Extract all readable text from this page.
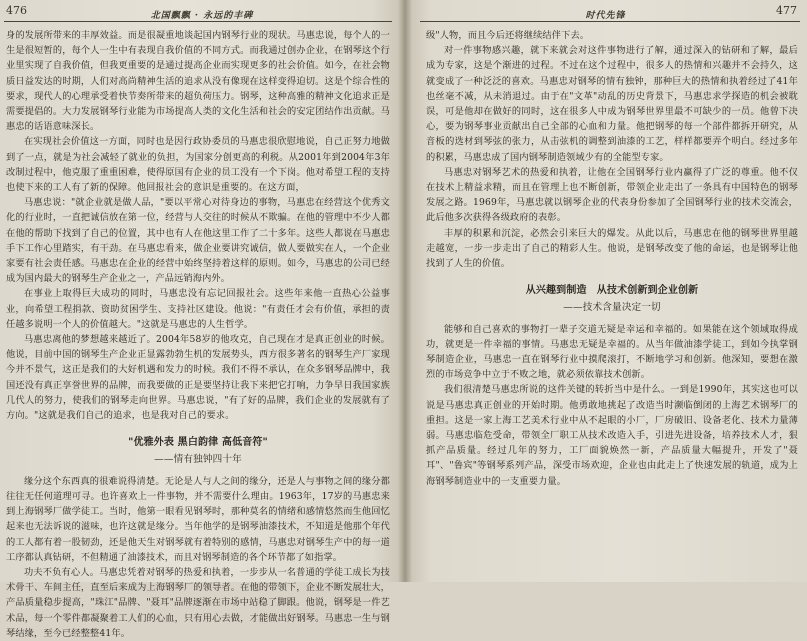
476	北国飘飘 · 永远的丰碑

身的发展所带来的丰厚效益。而是很凝重地谈起国内钢琴行业的现状。马惠忠说，每个人的一生是很短暂的，每个人一生中有表现自我价值的不同方式。而我通过创办企业，在钢琴这个行业里实现了自我价值，但我更重要的是通过提高企业而实现更多的社会价值。如今，在社会物质日益发达的时期，人们对高尚精神生活的追求从没有像现在这样变得迫切。这是个综合性的要求，现代人的心理承受着快节奏所带来的超负荷压力。钢琴，这种高雅的精神文化追求正是需要提倡的。大力发展钢琴行业能为市场提高人类的文化生活和社会的安定团结作出贡献。马惠忠的话语意味深长。

在实现社会价值这一方面，同时也是因行政协委员的马惠忠很欣慰地说，自己正努力地做到了一点，就是为社会减轻了就业的负担，为国家分创更高的利税。从2001年到2004年3年改制过程中，他克服了重重困难，使得原国有企业的员工没有一个下岗。他对希望工程的支持也使下来的工人有了新的保障。他回报社会的意识是重要的。在这方面，

马惠忠说："就企业就是做人品，"要以平常心对待身边的事物，马惠忠在经营这个优秀文化的行业时，一直把诚信放在第一位，经营与人交往的时候从不欺骗。在他的管理中不少人都在他的帮助下找到了自己的位置，其中也有人在他这里工作了二十多年。这些人都说在马惠忠手下工作心里踏实，有干劲。在马惠忠看来，做企业要讲究诚信，做人要做实在人，一个企业家要有社会责任感。马惠忠在企业的经营中始终坚持着这样的原则。如今，马惠忠的公司已经成为国内最大的钢琴生产企业之一，产品远销海内外。

在事业上取得巨大成功的同时，马惠忠没有忘记回报社会。这些年来他一直热心公益事业，向希望工程捐款、资助贫困学生、支持社区建设。他说："有责任才会有价值，承担的责任越多说明一个人的价值越大。"这就是马惠忠的人生哲学。

马惠忠离他的梦想越来越近了。2004年58岁的他攻克，自己现在才是真正创业的时候。他说，目前中国的钢琴生产企业正显露勃勃生机的发展势头，西方很多著名的钢琴生产厂家现今并不景气，这正是我们的大好机遇和发力的时候。我们不得不承认，在众多钢琴品牌中，我国还没有真正享誉世界的品牌，而我要做的正是要坚持让我下来把它打响，力争早日我国家族几代人的努力，使我们的钢琴走向世界。马惠忠说，"有了好的品牌，我们企业的发展就有了方向。"这就是我们自己的追求，也是我对自己的要求。

"优雅外表 黑白韵律 高低音符"
——情有独钟四十年

缘分这个东西真的很难说得清楚。无论是人与人之间的缘分，还是人与事物之间的缘分都往往无任何道理可寻。也许喜欢上一件事物，并不需要什么理由。1963年，17岁的马惠忠来到上海钢琴厂做学徒工。当时，他第一眼看见钢琴时，那种莫名的情绪和感情悠然而生他回忆起来也无法诉说的滋味，也许这就是缘分。当年他学的是钢琴油漆技术，不知道是他那个年代的工人都有着一股韧劲，还是他天生对钢琴就有着特别的感情，马惠忠对钢琴生产中的每一道工序都认真钻研，不但精通了油漆技术，而且对钢琴制造的各个环节都了如指掌。

功夫不负有心人。马惠忠凭着对钢琴的热爱和执着，一步步从一名普通的学徒工成长为技术骨干、车间主任，直至后来成为上海钢琴厂的领导者。在他的带领下，企业不断发展壮大，产品质量稳步提高，"珠江"品牌、"聂耳"品牌逐渐在市场中站稳了脚跟。他说，钢琴是一件艺术品，每一个零件都凝聚着工人们的心血，只有用心去做，才能做出好钢琴。马惠忠一生与钢琴结缘，至今已经整整41年。

477
时代先锋

级"人物，而且今后还将继续结伴下去。

对一件事物感兴趣，就下来就会对这件事物进行了解，通过深入的钻研和了解，最后成为专家，这是个渐进的过程。不过在这个过程中，很多人的热情和兴趣并不会持久，这就变成了一种泛泛的喜欢。马惠忠对钢琴的情有独钟，那种巨大的热情和执着经过了41年也丝毫不减，从未消退过。由于在"文革"动乱的历史背景下，马惠忠求学探造的机会被耽误，可是他却在做好的同时，这在很多人中成为钢琴世界里最不可缺少的一员。他曾下决心，要为钢琴事业贡献出自己全部的心血和力量。他把钢琴的每一个部件都拆开研究，从音板的选材到琴弦的张力，从击弦机的调整到油漆的工艺，样样都要弄个明白。经过多年的积累，马惠忠成了国内钢琴制造领域少有的全能型专家。

马惠忠对钢琴艺术的热爱和执着，让他在全国钢琴行业内赢得了广泛的尊重。他不仅在技术上精益求精，而且在管理上也不断创新，带领企业走出了一条具有中国特色的钢琴发展之路。1969年，马惠忠就以钢琴企业的代表身份参加了全国钢琴行业的技术交流会，此后他多次获得各级政府的表彰。

丰厚的积累和沉淀，必然会引来巨大的爆发。从此以后，马惠忠在他的钢琴世界里越走越宽，一步一步走出了自己的精彩人生。他说，是钢琴改变了他的命运，也是钢琴让他找到了人生的价值。

从兴趣到制造　从技术创新到企业创新
——技术含量决定一切

能够和自己喜欢的事物打一辈子交道无疑是幸运和幸福的。如果能在这个领域取得成功，就更是一件幸福的事情。马惠忠无疑是幸福的。从当年做油漆学徒工，到如今执掌钢琴制造企业，马惠忠一直在钢琴行业中摸爬滚打，不断地学习和创新。他深知，要想在激烈的市场竞争中立于不败之地，就必须依靠技术创新。

我们很清楚马惠忠所说的这件关键的转折当中是什么。一到是1990年，其实这也可以说是马惠忠真正创业的开始时期。他勇敢地挑起了改造当时濒临倒闭的上海艺术钢琴厂的重担。这是一家上海工艺美术行业中从不起眼的小厂，厂房破旧、设备老化、技术力量薄弱。马惠忠临危受命，带领全厂职工从技术改造入手，引进先进设备，培养技术人才，狠抓产品质量。经过几年的努力，工厂面貌焕然一新，产品质量大幅提升，开发了"聂耳"、"鲁宾"等钢琴系列产品，深受市场欢迎，企业也由此走上了快速发展的轨道，成为上海钢琴制造业中的一支重要力量。
